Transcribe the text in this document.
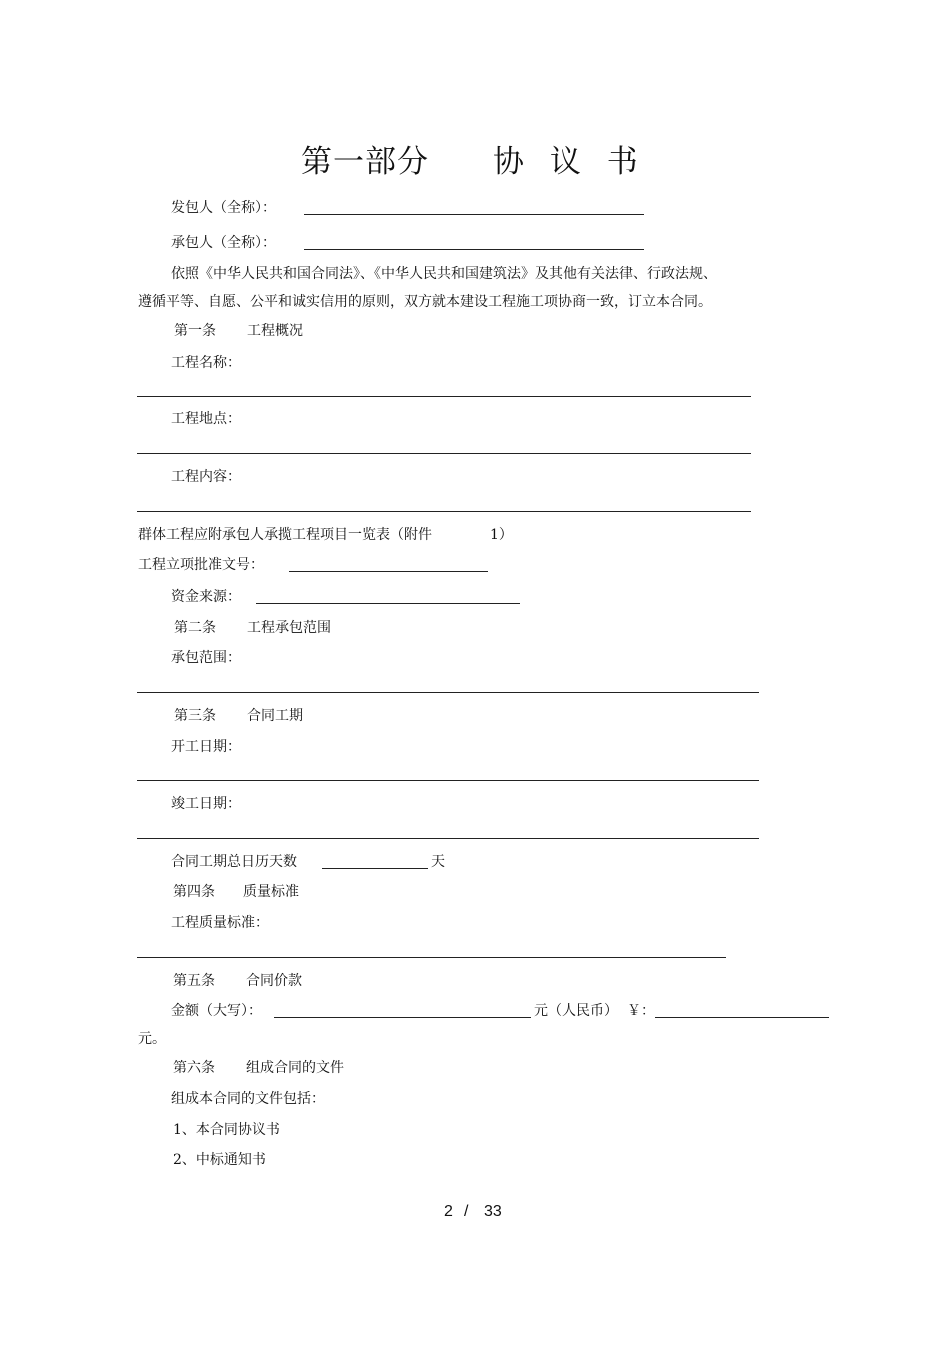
第一部分 协 议 书
发包人（全称）：
承包人（全称）：
依照《中华人民共和国合同法》、《中华人民共和国建筑法》及其他有关法律、行政法规、
遵循平等、自愿、公平和诚实信用的原则，双方就本建设工程施工项协商一致，订立本合同。
第一条 工程概况
工程名称：
工程地点：
工程内容：
群体工程应附承包人承揽工程项目一览表（附件	1）
工程立项批准文号：
资金来源：
第二条 工程承包范围
承包范围：
第三条 合同工期
开工日期：
竣工日期：
合同工期总日历天数	天
第四条 质量标准
工程质量标准：
第五条 合同价款
金额（大写）：	元（人民币） ￥：
元。
第六条 组成合同的文件
组成本合同的文件包括：
1、本合同协议书
2、中标通知书
2 / 33
